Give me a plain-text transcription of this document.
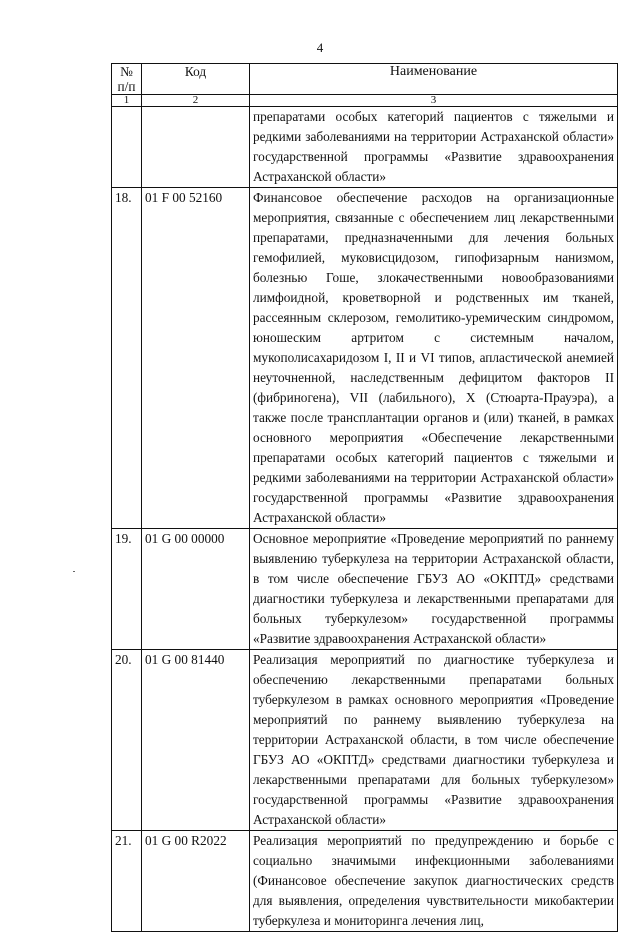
4
№ п/п	Код	Наименование
1	2	3
		препаратами особых категорий пациентов с тяжелыми и редкими заболеваниями на территории Астраханской области» государственной программы «Развитие здравоохранения Астраханской области»
18.	01 F 00 52160	Финансовое обеспечение расходов на организационные мероприятия, связанные с обеспечением лиц лекарственными препаратами, предназначенными для лечения больных гемофилией, муковисцидозом, гипофизарным нанизмом, болезнью Гоше, злокачественными новообразованиями лимфоидной, кроветворной и родственных им тканей, рассеянным склерозом, гемолитико-уремическим синдромом, юношеским артритом с системным началом, мукополисахаридозом I, II и VI типов, апластической анемией неуточненной, наследственным дефицитом факторов II (фибриногена), VII (лабильного), X (Стюарта-Прауэра), а также после трансплантации органов и (или) тканей, в рамках основного мероприятия «Обеспечение лекарственными препаратами особых категорий пациентов с тяжелыми и редкими заболеваниями на территории Астраханской области» государственной программы «Развитие здравоохранения Астраханской области»
19.	01 G 00 00000	Основное мероприятие «Проведение мероприятий по раннему выявлению туберкулеза на территории Астраханской области, в том числе обеспечение ГБУЗ АО «ОКПТД» средствами диагностики туберкулеза и лекарственными препаратами для больных туберкулезом» государственной программы «Развитие здравоохранения Астраханской области»
20.	01 G 00 81440	Реализация мероприятий по диагностике туберкулеза и обеспечению лекарственными препаратами больных туберкулезом в рамках основного мероприятия «Проведение мероприятий по раннему выявлению туберкулеза на территории Астраханской области, в том числе обеспечение ГБУЗ АО «ОКПТД» средствами диагностики туберкулеза и лекарственными препаратами для больных туберкулезом» государственной программы «Развитие здравоохранения Астраханской области»
21.	01 G 00 R2022	Реализация мероприятий по предупреждению и борьбе с социально значимыми инфекционными заболеваниями (Финансовое обеспечение закупок диагностических средств для выявления, определения чувствительности микобактерии туберкулеза и мониторинга лечения лиц,
